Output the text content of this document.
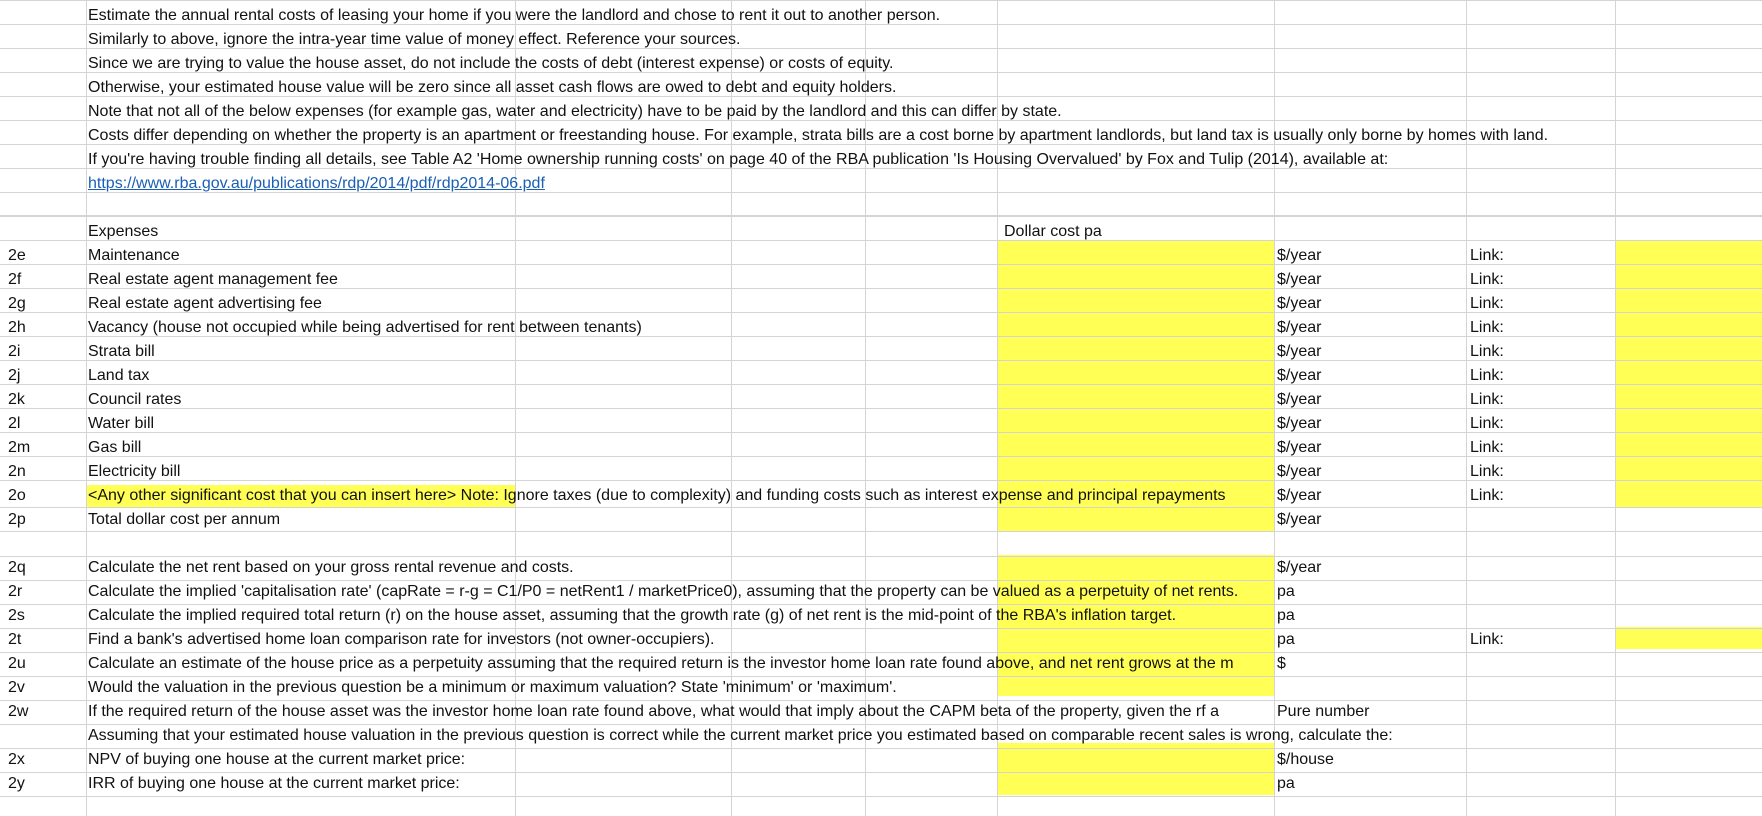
Estimate the annual rental costs of leasing your home if you were the landlord and chose to rent it out to another person.
Similarly to above, ignore the intra-year time value of money effect. Reference your sources.
Since we are trying to value the house asset, do not include the costs of debt (interest expense) or costs of equity.
Otherwise, your estimated house value will be zero since all asset cash flows are owed to debt and equity holders.
Note that not all of the below expenses (for example gas, water and electricity) have to be paid by the landlord and this can differ by state.
Costs differ depending on whether the property is an apartment or freestanding house. For example, strata bills are a cost borne by apartment landlords, but land tax is usually only borne by homes with land.
If you're having trouble finding all details, see Table A2 'Home ownership running costs' on page 40 of the RBA publication 'Is Housing Overvalued' by Fox and Tulip (2014), available at:
https://www.rba.gov.au/publications/rdp/2014/pdf/rdp2014-06.pdf
Expenses	Dollar cost pa
2e	Maintenance	$/year	Link:
2f	Real estate agent management fee	$/year	Link:
2g	Real estate agent advertising fee	$/year	Link:
2h	Vacancy (house not occupied while being advertised for rent between tenants)	$/year	Link:
2i	Strata bill	$/year	Link:
2j	Land tax	$/year	Link:
2k	Council rates	$/year	Link:
2l	Water bill	$/year	Link:
2m	Gas bill	$/year	Link:
2n	Electricity bill	$/year	Link:
2o	<Any other significant cost that you can insert here> Note: Ignore taxes (due to complexity) and funding costs such as interest expense and principal repayments	$/year	Link:
2p	Total dollar cost per annum	$/year
2q	Calculate the net rent based on your gross rental revenue and costs.	$/year
2r	Calculate the implied 'capitalisation rate' (capRate = r-g = C1/P0 = netRent1 / marketPrice0), assuming that the property can be valued as a perpetuity of net rents.	pa
2s	Calculate the implied required total return (r) on the house asset, assuming that the growth rate (g) of net rent is the mid-point of the RBA's inflation target.	pa
2t	Find a bank's advertised home loan comparison rate for investors (not owner-occupiers).	pa	Link:
2u	Calculate an estimate of the house price as a perpetuity assuming that the required return is the investor home loan rate found above, and net rent grows at the m	$
2v	Would the valuation in the previous question be a minimum or maximum valuation? State 'minimum' or 'maximum'.
2w	If the required return of the house asset was the investor home loan rate found above, what would that imply about the CAPM beta of the property, given the rf a	Pure number
Assuming that your estimated house valuation in the previous question is correct while the current market price you estimated based on comparable recent sales is wrong, calculate the:
2x	NPV of buying one house at the current market price:	$/house
2y	IRR of buying one house at the current market price:	pa
